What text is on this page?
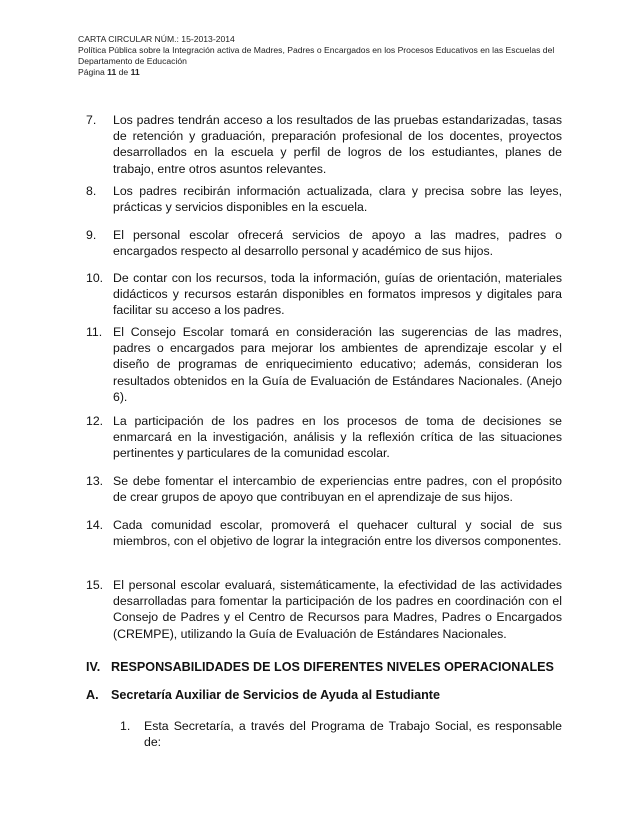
CARTA CIRCULAR NÚM.: 15-2013-2014
Política Pública sobre la Integración activa de Madres, Padres o Encargados en los Procesos Educativos en las Escuelas del Departamento de Educación
Página 11 de 11
7.	Los padres tendrán acceso a los resultados de las pruebas estandarizadas, tasas de retención y graduación, preparación profesional de los docentes, proyectos desarrollados en la escuela y perfil de logros de los estudiantes, planes de trabajo, entre otros asuntos relevantes.
8.	Los padres recibirán información actualizada, clara y precisa sobre las leyes, prácticas y servicios disponibles en la escuela.
9.	El personal escolar ofrecerá servicios de apoyo a las madres, padres o encargados respecto al desarrollo personal y académico de sus hijos.
10. De contar con los recursos, toda la información, guías de orientación, materiales didácticos y recursos estarán disponibles en formatos impresos y digitales para facilitar su acceso a los padres.
11. El Consejo Escolar tomará en consideración las sugerencias de las madres, padres o encargados para mejorar los ambientes de aprendizaje escolar y el diseño de programas de enriquecimiento educativo; además, consideran los resultados obtenidos en la Guía de Evaluación de Estándares Nacionales. (Anejo 6).
12. La participación de los padres en los procesos de toma de decisiones se enmarcará en la investigación, análisis y la reflexión crítica de las situaciones pertinentes y particulares de la comunidad escolar.
13. Se debe fomentar el intercambio de experiencias entre padres, con el propósito de crear grupos de apoyo que contribuyan en el aprendizaje de sus hijos.
14. Cada comunidad escolar, promoverá el quehacer cultural y social de sus miembros, con el objetivo de lograr la integración entre los diversos componentes.
15. El personal escolar evaluará, sistemáticamente, la efectividad de las actividades desarrolladas para fomentar la participación de los padres en coordinación con el Consejo de Padres y el Centro de Recursos para Madres, Padres o Encargados (CREMPE), utilizando la Guía de Evaluación de Estándares Nacionales.
IV. RESPONSABILIDADES DE LOS DIFERENTES NIVELES OPERACIONALES
A. Secretaría Auxiliar de Servicios de Ayuda al Estudiante
1. Esta Secretaría, a través del Programa de Trabajo Social, es responsable de:
